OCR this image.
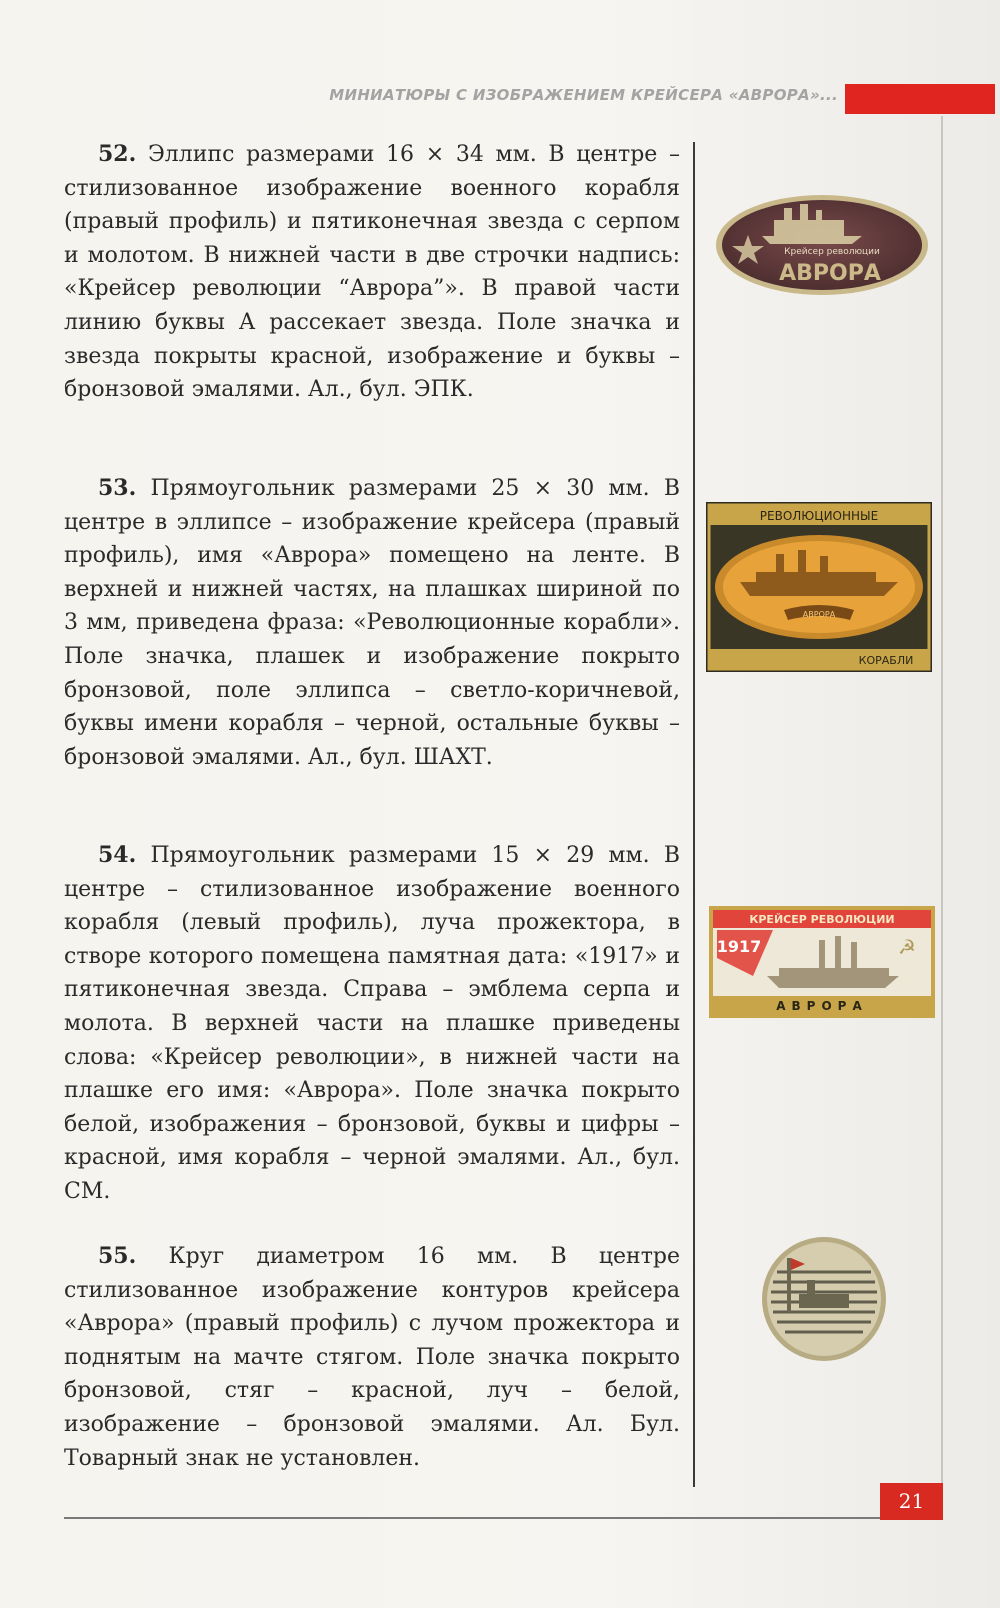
МИНИАТЮРЫ С ИЗОБРАЖЕНИЕМ КРЕЙСЕРА «АВРОРА»...
21
52. Эллипс размерами 16 × 34 мм. В центре – стилизованное изображение военного корабля (правый профиль) и пятиконечная звезда с серпом и молотом. В нижней части в две строчки надпись: «Крейсер революции “Аврора”». В правой части линию буквы А рассекает звезда. Поле значка и звезда покрыты красной, изображение и буквы – бронзовой эмалями. Ал., бул. ЭПК.
53. Прямоугольник размерами 25 × 30 мм. В центре в эллипсе – изображение крейсера (правый профиль), имя «Аврора» помещено на ленте. В верхней и нижней частях, на плашках шириной по 3 мм, приведена фраза: «Революционные корабли». Поле значка, плашек и изображение покрыто бронзовой, поле эллипса – светло-коричневой, буквы имени корабля – черной, остальные буквы – бронзовой эмалями. Ал., бул. ШАХТ.
54. Прямоугольник размерами 15 × 29 мм. В центре – стилизованное изображение военного корабля (левый профиль), луча прожектора, в створе которого помещена памятная дата: «1917» и пятиконечная звезда. Справа – эмблема серпа и молота. В верхней части на плашке приведены слова: «Крейсер революции», в нижней части на плашке его имя: «Аврора». Поле значка покрыто белой, изображения – бронзовой, буквы и цифры – красной, имя корабля – черной эмалями. Ал., бул. СМ.
55. Круг диаметром 16 мм. В центре стилизованное изображение контуров крейсера «Аврора» (правый профиль) с лучом прожектора и поднятым на мачте стягом. Поле значка покрыто бронзовой, стяг – красной, луч – белой, изображение – бронзовой эмалями. Ал. Бул. Товарный знак не установлен.
Крейсер революции
АВРОРА
РЕВОЛЮЦИОННЫЕ
КОРАБЛИ
АВРОРА
КРЕЙСЕР РЕВОЛЮЦИИ
АВРОРА
1917	☭
